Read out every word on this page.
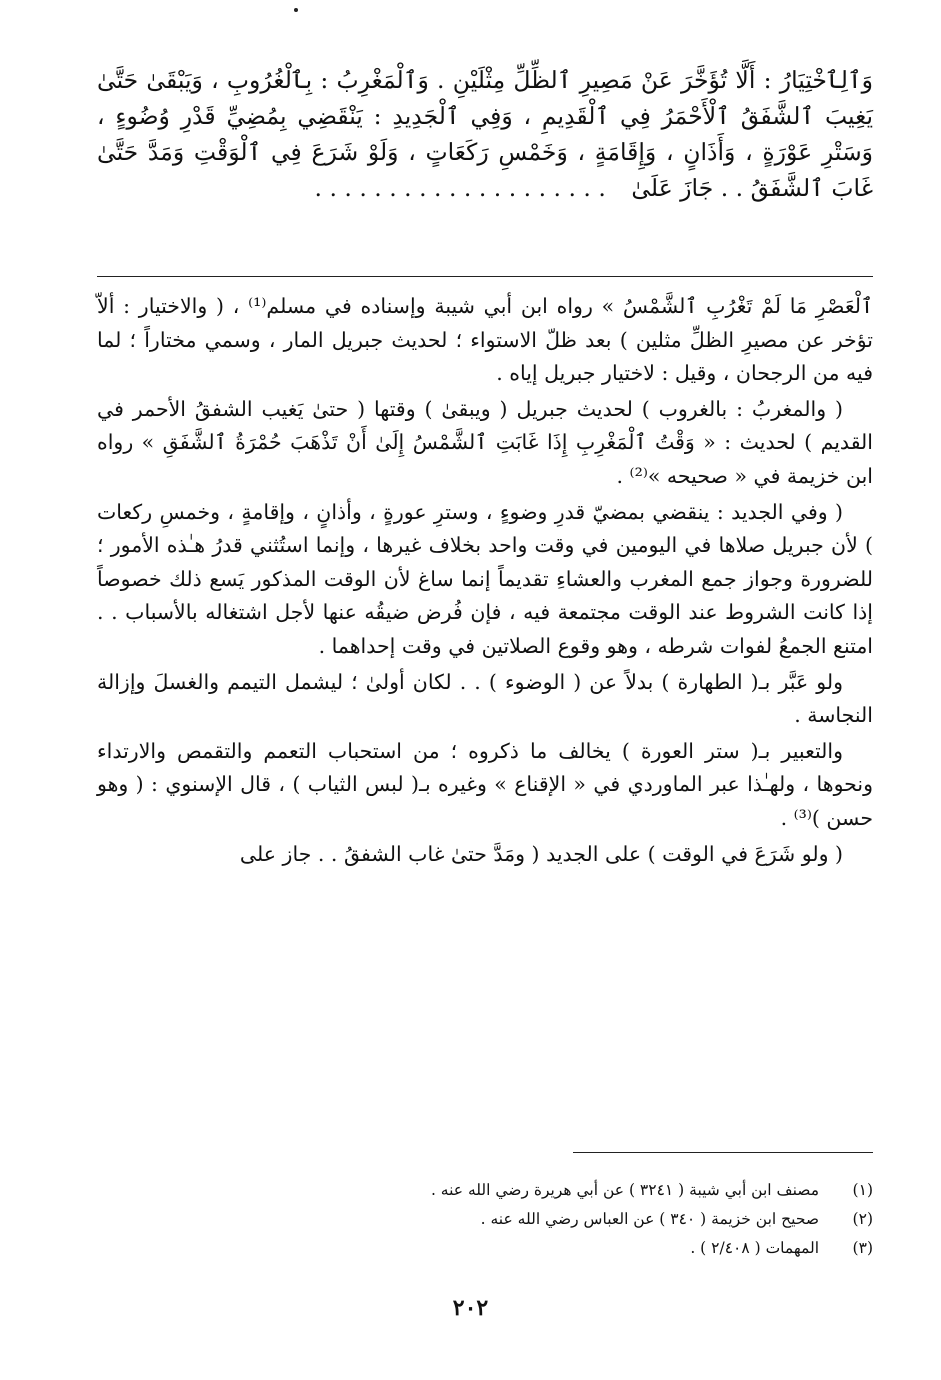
وَٱلِٱخْتِيَارُ : أَلَّا تُؤَخَّرَ عَنْ مَصِيرِ ٱلظِّلِّ مِثْلَيْنِ . وَٱلْمَغْرِبُ : بِٱلْغُرُوبِ ، وَيَبْقَىٰ حَتَّىٰ يَغِيبَ ٱلشَّفَقُ ٱلْأَحْمَرُ فِي ٱلْقَدِيمِ ، وَفِي ٱلْجَدِيدِ : يَنْقَضِي بِمُضِيِّ قَدْرِ وُضُوءٍ ، وَسَتْرِ عَوْرَةٍ ، وَأَذَانٍ ، وَإِقَامَةٍ ، وَخَمْسِ رَكَعَاتٍ ، وَلَوْ شَرَعَ فِي ٱلْوَقْتِ وَمَدَّ حَتَّىٰ غَابَ ٱلشَّفَقُ . . جَازَ عَلَىٰ . . . . . . . . . . . . . . . . . . . .

ٱلْعَصْرِ مَا لَمْ تَغْرُبِ ٱلشَّمْسُ » رواه ابن أبي شيبة وإسناده في مسلم⁽¹⁾ ، ( والاختيار : ألاّ تؤخر عن مصيرِ الظلِّ مثلين ) بعد ظلّ الاستواء ؛ لحديث جبريل المار ، وسمي مختاراً ؛ لما فيه من الرجحان ، وقيل : لاختيار جبريل إياه .

( والمغربُ : بالغروب ) لحديث جبريل ( ويبقىٰ ) وقتها ( حتىٰ يَغيب الشفقُ الأحمر في القديم ) لحديث : « وَقْتُ ٱلْمَغْرِبِ إِذَا غَابَتِ ٱلشَّمْسُ إِلَىٰ أَنْ تَذْهَبَ حُمْرَةُ ٱلشَّفَقِ » رواه ابن خزيمة في « صحيحه »⁽²⁾ .

( وفي الجديد : ينقضي بمضيّ قدرِ وضوءٍ ، وسترِ عورةٍ ، وأذانٍ ، وإقامةٍ ، وخمسِ ركعات ) لأن جبريل صلاها في اليومين في وقت واحد بخلاف غيرها ، وإنما استُثني قدرُ هـٰذه الأمور ؛ للضرورة وجواز جمع المغرب والعشاءِ تقديماً إنما ساغ لأن الوقت المذكور يَسع ذلك خصوصاً إذا كانت الشروط عند الوقت مجتمعة فيه ، فإن فُرض ضيقُه عنها لأجل اشتغاله بالأسباب . . امتنع الجمعُ لفوات شرطه ، وهو وقوع الصلاتين في وقت إحداهما .

ولو عَبَّر بـ( الطهارة ) بدلاً عن ( الوضوء ) . . لكان أولىٰ ؛ ليشمل التيمم والغسلَ وإزالة النجاسة .

والتعبير بـ( ستر العورة ) يخالف ما ذكروه ؛ من استحباب التعمم والتقمص والارتداء ونحوها ، ولهـٰذا عبر الماوردي في « الإقناع » وغيره بـ( لبس الثياب ) ، قال الإسنوي : ( وهو حسن )⁽³⁾ .

( ولو شَرَعَ في الوقت ) على الجديد ( ومَدَّ حتىٰ غاب الشفقُ . . جاز على

(١)
مصنف ابن أبي شيبة ( ٣٢٤١ ) عن أبي هريرة رضي الله عنه .
(٢)
صحيح ابن خزيمة ( ٣٤٠ ) عن العباس رضي الله عنه .
(٣)
المهمات ( ٢/٤٠٨ ) .
٢٠٢
